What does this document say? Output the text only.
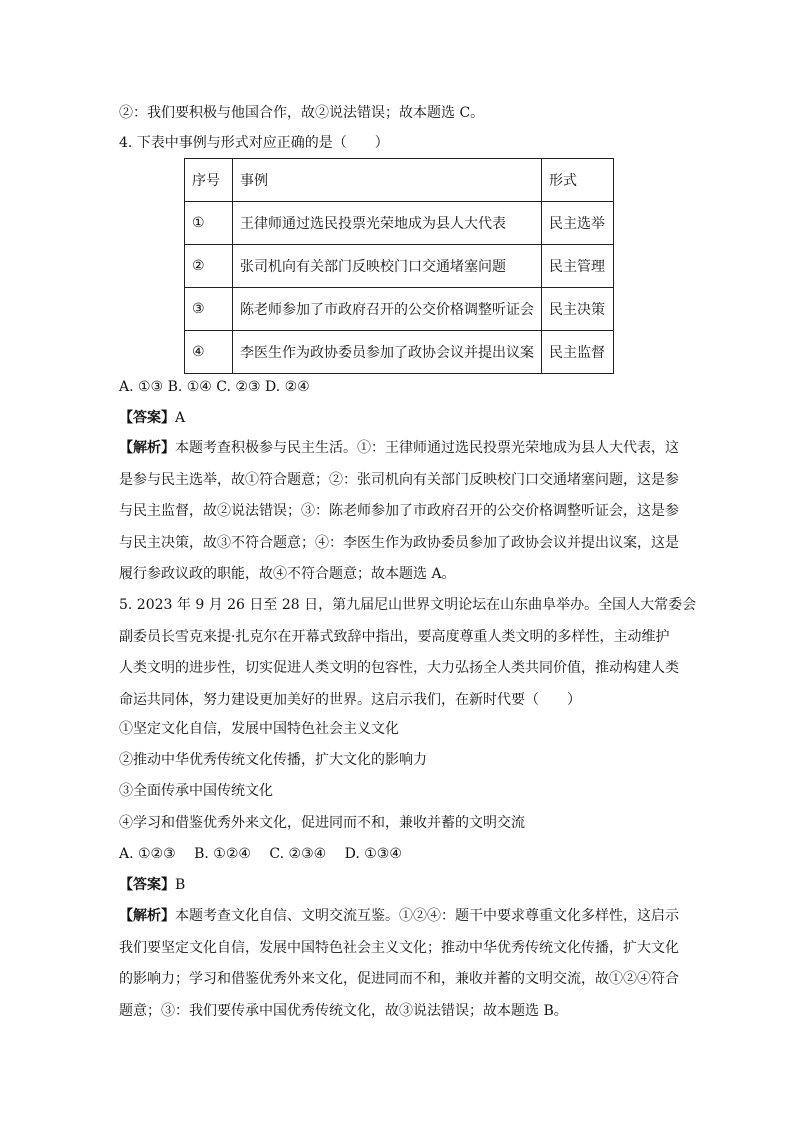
②：我们要积极与他国合作，故②说法错误；故本题选 C。
4. 下表中事例与形式对应正确的是（　　）
序号	事例	形式
①	王律师通过选民投票光荣地成为县人大代表	民主选举
②	张司机向有关部门反映校门口交通堵塞问题	民主管理
③	陈老师参加了市政府召开的公交价格调整听证会	民主决策
④	李医生作为政协委员参加了政协会议并提出议案	民主监督
A. ①③ B. ①④ C. ②③ D. ②④
【答案】A
【解析】本题考查积极参与民主生活。①：王律师通过选民投票光荣地成为县人大代表，这
是参与民主选举，故①符合题意；②：张司机向有关部门反映校门口交通堵塞问题，这是参
与民主监督，故②说法错误；③：陈老师参加了市政府召开的公交价格调整听证会，这是参
与民主决策，故③不符合题意；④：李医生作为政协委员参加了政协会议并提出议案，这是
履行参政议政的职能，故④不符合题意；故本题选 A。
5. 2023 年 9 月 26 日至 28 日，第九届尼山世界文明论坛在山东曲阜举办。全国人大常委会
副委员长雪克来提·扎克尔在开幕式致辞中指出，要高度尊重人类文明的多样性，主动维护
人类文明的进步性，切实促进人类文明的包容性，大力弘扬全人类共同价值，推动构建人类
命运共同体，努力建设更加美好的世界。这启示我们，在新时代要（　　）
①坚定文化自信，发展中国特色社会主义文化
②推动中华优秀传统文化传播，扩大文化的影响力
③全面传承中国传统文化
④学习和借鉴优秀外来文化，促进同而不和，兼收并蓄的文明交流
A. ①②③　 B. ①②④　 C. ②③④　 D. ①③④
【答案】B
【解析】本题考查文化自信、文明交流互鉴。①②④：题干中要求尊重文化多样性，这启示
我们要坚定文化自信，发展中国特色社会主义文化；推动中华优秀传统文化传播，扩大文化
的影响力；学习和借鉴优秀外来文化，促进同而不和，兼收并蓄的文明交流，故①②④符合
题意；③：我们要传承中国优秀传统文化，故③说法错误；故本题选 B。
